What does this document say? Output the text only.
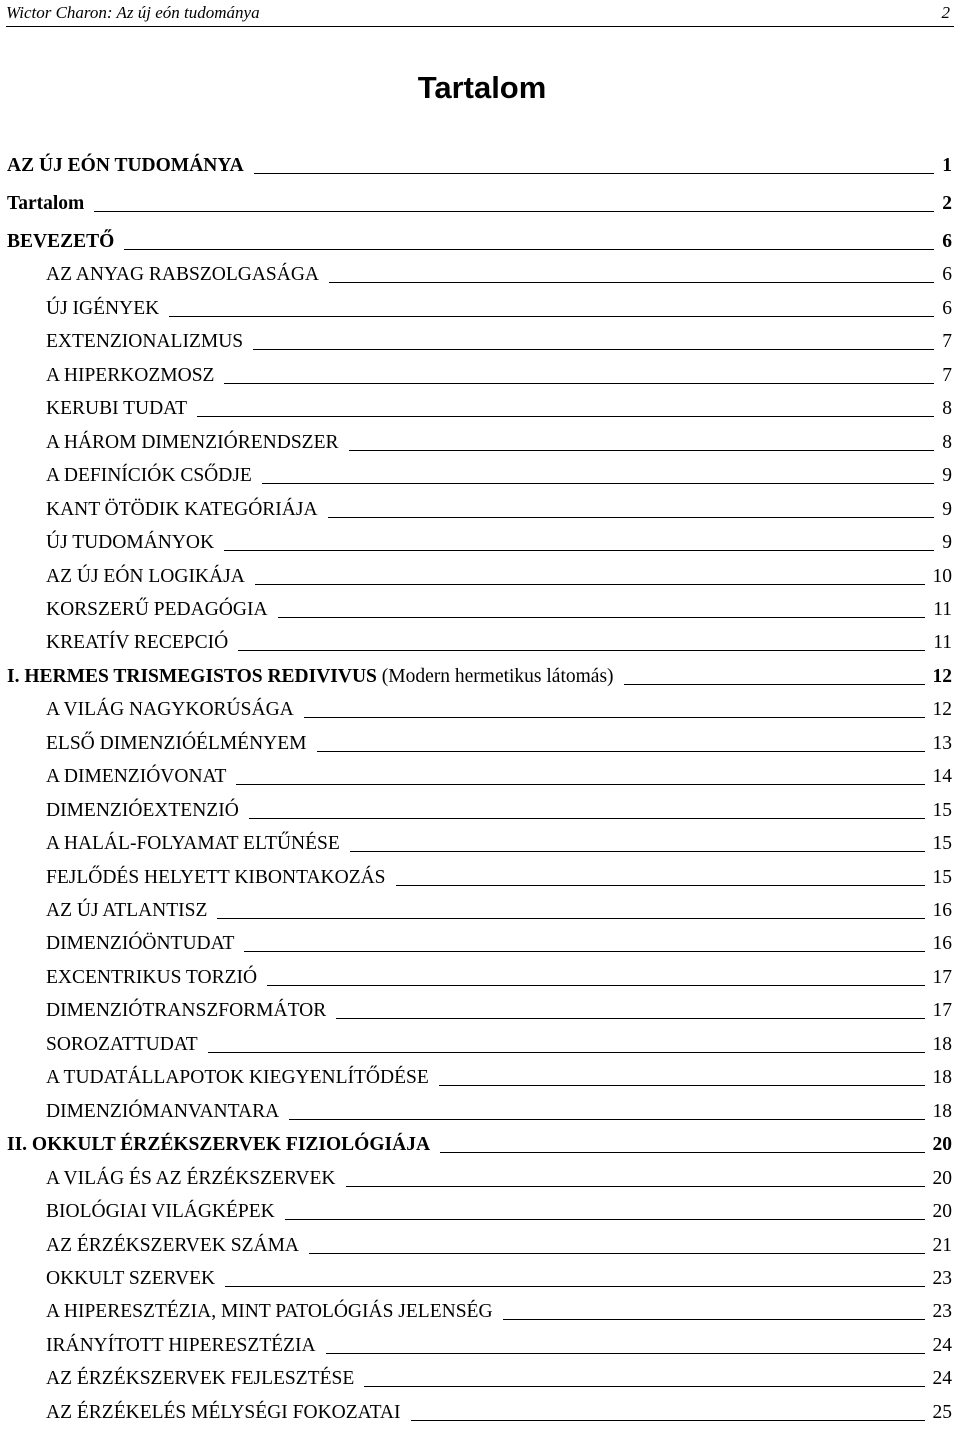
Wictor Charon: Az új eón tudománya	2
Tartalom
AZ ÚJ EÓN TUDOMÁNYA	1
Tartalom	2
BEVEZETŐ	6
AZ ANYAG RABSZOLGASÁGA	6
ÚJ IGÉNYEK	6
EXTENZIONALIZMUS	7
A HIPERKOZMOSZ	7
KERUBI TUDAT	8
A HÁROM DIMENZIÓRENDSZER	8
A DEFINÍCIÓK CSŐDJE	9
KANT ÖTÖDIK KATEGÓRIÁJA	9
ÚJ TUDOMÁNYOK	9
AZ ÚJ EÓN LOGIKÁJA	10
KORSZERŰ PEDAGÓGIA	11
KREATÍV RECEPCIÓ	11
I. HERMES TRISMEGISTOS REDIVIVUS (Modern hermetikus látomás)	12
A VILÁG NAGYKORÚSÁGA	12
ELSŐ DIMENZIÓÉLMÉNYEM	13
A DIMENZIÓVONAT	14
DIMENZIÓEXTENZIÓ	15
A HALÁL-FOLYAMAT ELTŰNÉSE	15
FEJLŐDÉS HELYETT KIBONTAKOZÁS	15
AZ ÚJ ATLANTISZ	16
DIMENZIÓÖNTUDAT	16
EXCENTRIKUS TORZIÓ	17
DIMENZIÓTRANSZFORMÁTOR	17
SOROZATTUDAT	18
A TUDATÁLLAPOTOK KIEGYENLÍTŐDÉSE	18
DIMENZIÓMANVANTARA	18
II. OKKULT ÉRZÉKSZERVEK FIZIOLÓGIÁJA	20
A VILÁG ÉS AZ ÉRZÉKSZERVEK	20
BIOLÓGIAI VILÁGKÉPEK	20
AZ ÉRZÉKSZERVEK SZÁMA	21
OKKULT SZERVEK	23
A HIPERESZTÉZIA, MINT PATOLÓGIÁS JELENSÉG	23
IRÁNYÍTOTT HIPERESZTÉZIA	24
AZ ÉRZÉKSZERVEK FEJLESZTÉSE	24
AZ ÉRZÉKELÉS MÉLYSÉGI FOKOZATAI	25
